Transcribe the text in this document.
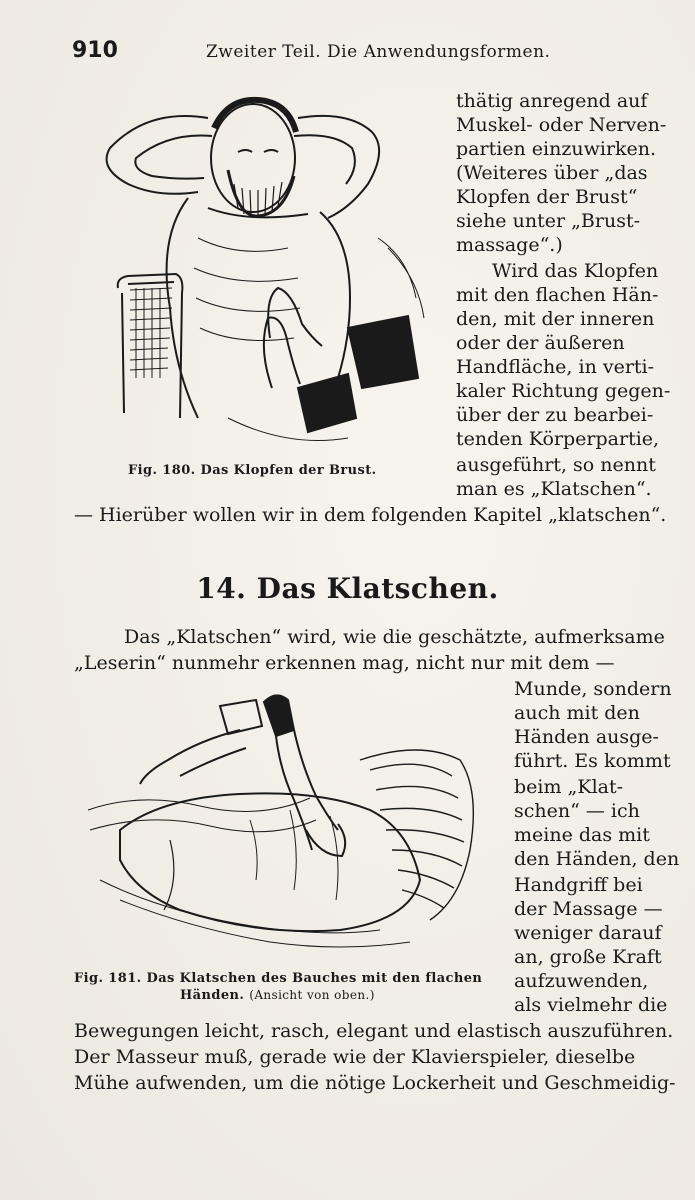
910	Zweiter Teil. Die Anwendungsformen.
Fig. 180. Das Klopfen der Brust.
thätig anregend auf
Muskel- oder Nerven-
partien einzuwirken.
(Weiteres über „das
Klopfen der Brust“
siehe unter „Brust-
massage“.)
Wird das Klopfen
mit den flachen Hän-
den, mit der inneren
oder der äußeren
Handfläche, in verti-
kaler Richtung gegen-
über der zu bearbei-
tenden Körperpartie,
ausgeführt, so nennt
man es „Klatschen“.
— Hierüber wollen wir in dem folgenden Kapitel „klatschen“.
14. Das Klatschen.
Das „Klatschen“ wird, wie die geschätzte, aufmerksame
„Leserin“ nunmehr erkennen mag, nicht nur mit dem —
Munde, sondern
auch mit den
Händen ausge-
führt. Es kommt
beim „Klat-
schen“ — ich
meine das mit
den Händen, den
Handgriff bei
der Massage —
weniger darauf
an, große Kraft
aufzuwenden,
als vielmehr die
Fig. 181. Das Klatschen des Bauches mit den flachen
Händen. (Ansicht von oben.)
Bewegungen leicht, rasch, elegant und elastisch auszuführen.
Der Masseur muß, gerade wie der Klavierspieler, dieselbe
Mühe aufwenden, um die nötige Lockerheit und Geschmeidig-
